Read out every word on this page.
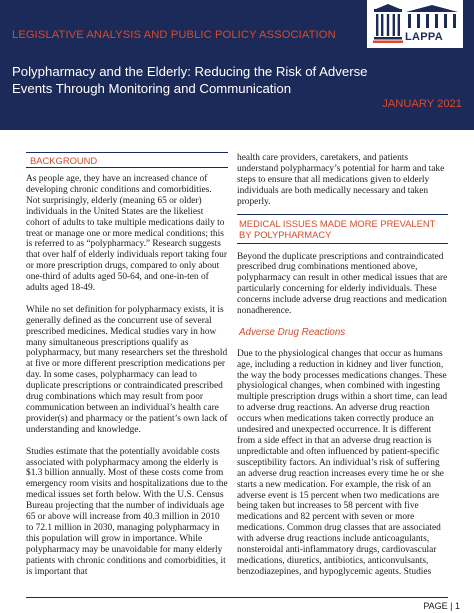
LEGISLATIVE ANALYSIS AND PUBLIC POLICY ASSOCIATION
Polypharmacy and the Elderly: Reducing the Risk of Adverse Events Through Monitoring and Communication
JANUARY 2021
LAPPA
BACKGROUND

As people age, they have an increased chance of developing chronic conditions and comorbidities. Not surprisingly, elderly (meaning 65 or older) individuals in the United States are the likeliest cohort of adults to take multiple medications daily to treat or manage one or more medical conditions; this is referred to as “polypharmacy.” Research suggests that over half of elderly individuals report taking four or more prescription drugs, compared to only about one-third of adults aged 50-64, and one-in-ten of adults aged 18-49.

While no set definition for polypharmacy exists, it is generally defined as the concurrent use of several prescribed medicines. Medical studies vary in how many simultaneous prescriptions qualify as polypharmacy, but many researchers set the threshold at five or more different prescription medications per day. In some cases, polypharmacy can lead to duplicate prescriptions or contraindicated prescribed drug combinations which may result from poor communication between an individual’s health care provider(s) and pharmacy or the patient’s own lack of understanding and knowledge.

Studies estimate that the potentially avoidable costs associated with polypharmacy among the elderly is $1.3 billion annually. Most of these costs come from emergency room visits and hospitalizations due to the medical issues set forth below. With the U.S. Census Bureau projecting that the number of individuals age 65 or above will increase from 40.3 million in 2010 to 72.1 million in 2030, managing polypharmacy in this population will grow in importance. While polypharmacy may be unavoidable for many elderly patients with chronic conditions and comorbidities, it is important that

health care providers, caretakers, and patients understand polypharmacy’s potential for harm and take steps to ensure that all medications given to elderly individuals are both medically necessary and taken properly.

MEDICAL ISSUES MADE MORE PREVALENT BY POLYPHARMACY

Beyond the duplicate prescriptions and contraindicated prescribed drug combinations mentioned above, polypharmacy can result in other medical issues that are particularly concerning for elderly individuals. These concerns include adverse drug reactions and medication nonadherence.

Adverse Drug Reactions

Due to the physiological changes that occur as humans age, including a reduction in kidney and liver function, the way the body processes medications changes. These physiological changes, when combined with ingesting multiple prescription drugs within a short time, can lead to adverse drug reactions. An adverse drug reaction occurs when medications taken correctly produce an undesired and unexpected occurrence. It is different from a side effect in that an adverse drug reaction is unpredictable and often influenced by patient-specific susceptibility factors. An individual’s risk of suffering an adverse drug reaction increases every time he or she starts a new medication. For example, the risk of an adverse event is 15 percent when two medications are being taken but increases to 58 percent with five medications and 82 percent with seven or more medications. Common drug classes that are associated with adverse drug reactions include anticoagulants, nonsteroidal anti-inflammatory drugs, cardiovascular medications, diuretics, antibiotics, anticonvulsants, benzodiazepines, and hypoglycemic agents. Studies

PAGE | 1
